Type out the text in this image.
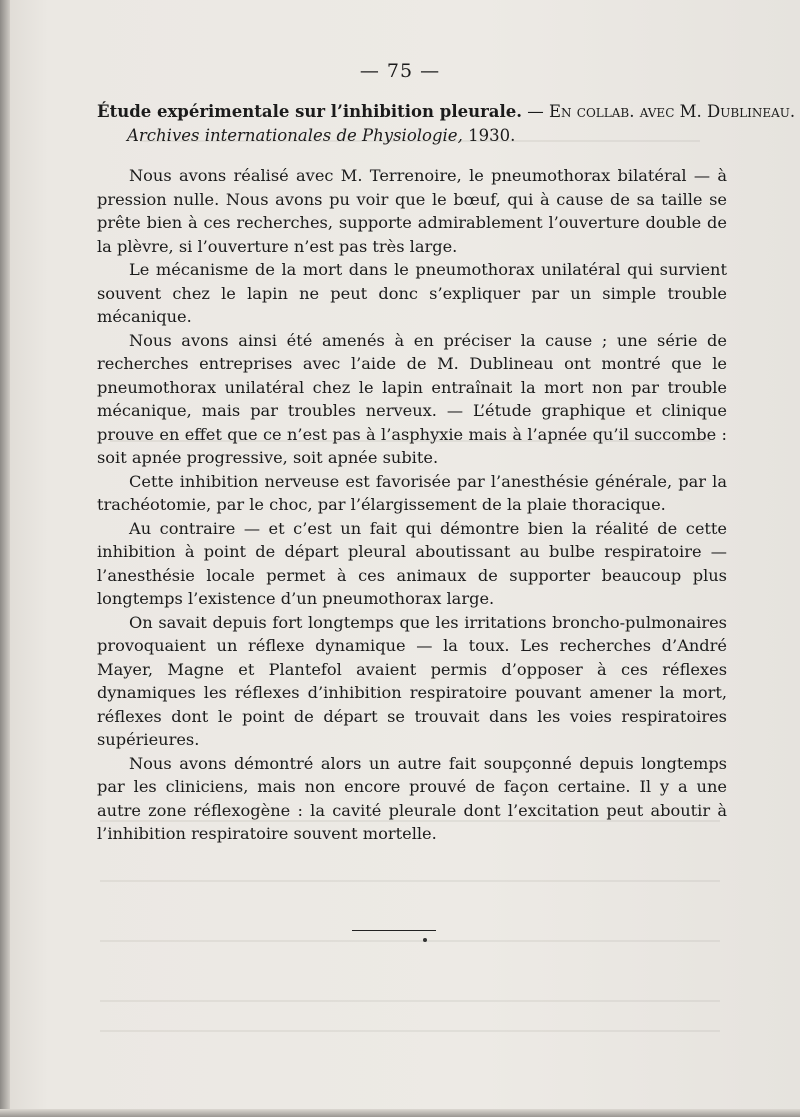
— 75 —
Étude expérimentale sur l’inhibition pleurale. — En collab. avec M. Dublineau.
Archives internationales de Physiologie, 1930.

Nous avons réalisé avec M. Terrenoire, le pneumothorax bilatéral — à pression nulle. Nous avons pu voir que le bœuf, qui à cause de sa taille se prête bien à ces recherches, supporte admirablement l’ouverture double de la plèvre, si l’ouverture n’est pas très large.

Le mécanisme de la mort dans le pneumothorax unilatéral qui survient souvent chez le lapin ne peut donc s’expliquer par un simple trouble mécanique.

Nous avons ainsi été amenés à en préciser la cause ; une série de recherches entreprises avec l’aide de M. Dublineau ont montré que le pneumothorax unilatéral chez le lapin entraînait la mort non par trouble mécanique, mais par troubles nerveux. — L’étude graphique et clinique prouve en effet que ce n’est pas à l’asphyxie mais à l’apnée qu’il succombe : soit apnée progressive, soit apnée subite.

Cette inhibition nerveuse est favorisée par l’anesthésie générale, par la trachéotomie, par le choc, par l’élargissement de la plaie thoracique.

Au contraire — et c’est un fait qui démontre bien la réalité de cette inhibition à point de départ pleural aboutissant au bulbe respiratoire — l’anesthésie locale permet à ces animaux de supporter beaucoup plus longtemps l’existence d’un pneumothorax large.

On savait depuis fort longtemps que les irritations broncho-pulmonaires provoquaient un réflexe dynamique — la toux. Les recherches d’André Mayer, Magne et Plantefol avaient permis d’opposer à ces réflexes dynamiques les réflexes d’inhibition respiratoire pouvant amener la mort, réflexes dont le point de départ se trouvait dans les voies respiratoires supérieures.

Nous avons démontré alors un autre fait soupçonné depuis longtemps par les cliniciens, mais non encore prouvé de façon certaine. Il y a une autre zone réflexogène : la cavité pleurale dont l’excitation peut aboutir à l’inhibition respiratoire souvent mortelle.
